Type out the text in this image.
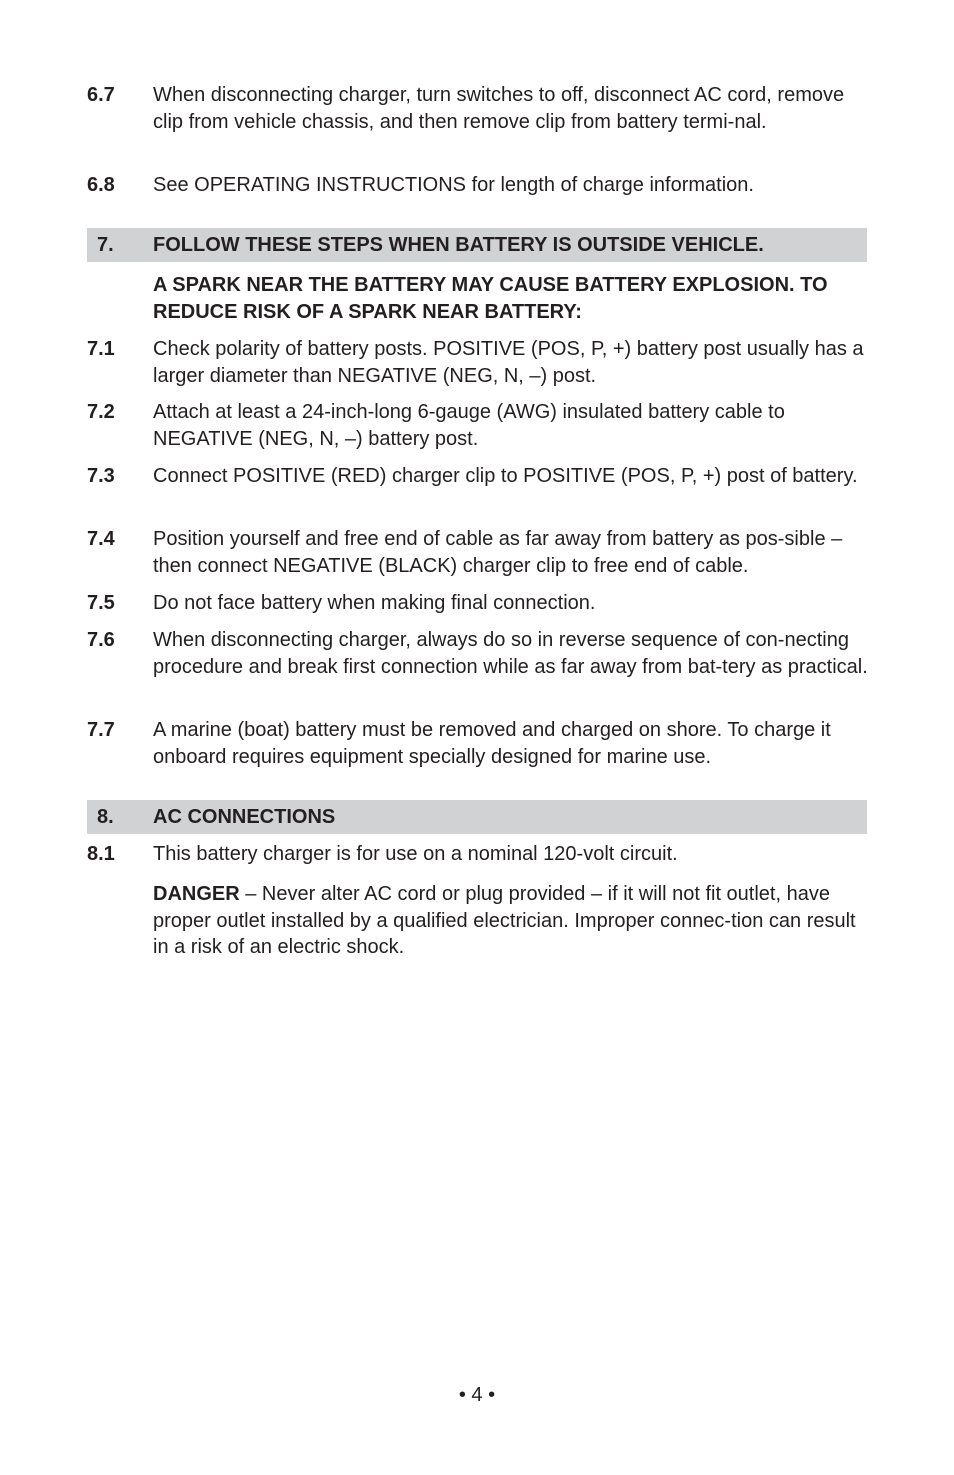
6.7	When disconnecting charger, turn switches to off, disconnect AC cord, remove clip from vehicle chassis, and then remove clip from battery termi-nal.
6.8	See OPERATING INSTRUCTIONS for length of charge information.
7.	FOLLOW THESE STEPS WHEN BATTERY IS OUTSIDE VEHICLE.
A SPARK NEAR THE BATTERY MAY CAUSE BATTERY EXPLOSION. TO REDUCE RISK OF A SPARK NEAR BATTERY:
7.1	Check polarity of battery posts. POSITIVE (POS, P, +) battery post usually has a larger diameter than NEGATIVE (NEG, N, –) post.
7.2	Attach at least a 24-inch-long 6-gauge (AWG) insulated battery cable to NEGATIVE (NEG, N, –) battery post.
7.3	Connect POSITIVE (RED) charger clip to POSITIVE (POS, P, +) post of battery.
7.4	Position yourself and free end of cable as far away from battery as pos-sible – then connect NEGATIVE (BLACK) charger clip to free end of cable.
7.5	Do not face battery when making final connection.
7.6	When disconnecting charger, always do so in reverse sequence of con-necting procedure and break first connection while as far away from bat-tery as practical.
7.7	A marine (boat) battery must be removed and charged on shore. To charge it onboard requires equipment specially designed for marine use.
8.	AC CONNECTIONS
8.1	This battery charger is for use on a nominal 120-volt circuit.
DANGER – Never alter AC cord or plug provided – if it will not fit outlet, have proper outlet installed by a qualified electrician. Improper connec-tion can result in a risk of an electric shock.
• 4 •
